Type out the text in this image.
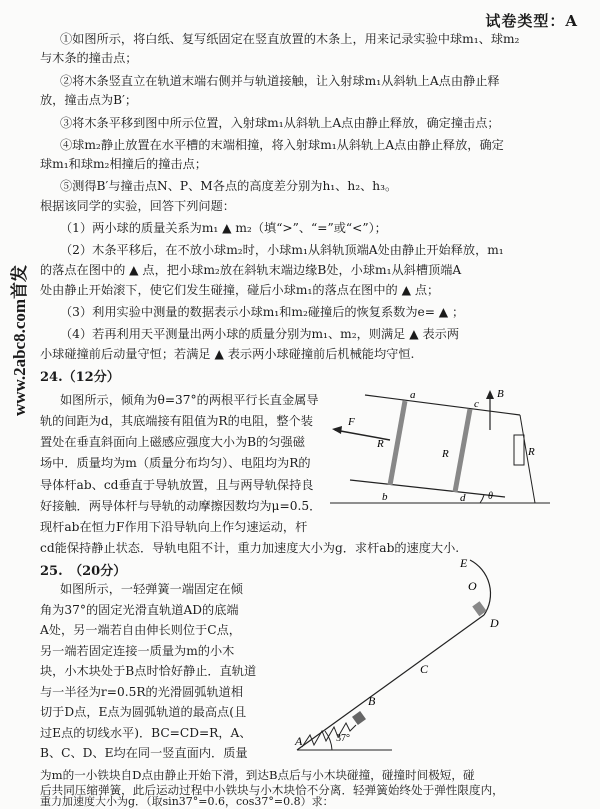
试卷类型：A
www.2abc8.com首发
①如图所示，将白纸、复写纸固定在竖直放置的木条上，用来记录实验中球m₁、球m₂
与木条的撞击点；
②将木条竖直立在轨道末端右侧并与轨道接触，让入射球m₁从斜轨上A点由静止释
放，撞击点为B′；
③将木条平移到图中所示位置，入射球m₁从斜轨上A点由静止释放，确定撞击点；
④球m₂静止放置在水平槽的末端相撞，将入射球m₁从斜轨上A点由静止释放，确定
球m₁和球m₂相撞后的撞击点；
⑤测得B′与撞击点N、P、M各点的高度差分别为h₁、h₂、h₃。
根据该同学的实验，回答下列问题：
（1）两小球的质量关系为m₁ ▲ m₂（填“>”、“=”或“<”）；
（2）木条平移后，在不放小球m₂时，小球m₁从斜轨顶端A处由静止开始释放，m₁
的落点在图中的 ▲ 点，把小球m₂放在斜轨末端边缘B处，小球m₁从斜槽顶端A
处由静止开始滚下，使它们发生碰撞，碰后小球m₁的落点在图中的 ▲ 点；
（3）利用实验中测量的数据表示小球m₁和m₂碰撞后的恢复系数为e= ▲ ；
（4）若再利用天平测量出两小球的质量分别为m₁、m₂，则满足 ▲ 表示两
小球碰撞前后动量守恒；若满足 ▲ 表示两小球碰撞前后机械能均守恒.
24.（12分）
如图所示，倾角为θ=37°的两根平行长直金属导
轨的间距为d，其底端接有阻值为R的电阻，整个装
置处在垂直斜面向上磁感应强度大小为B的匀强磁
场中．质量均为m（质量分布均匀）、电阻均为R的
导体杆ab、cd垂直于导轨放置，且与两导轨保持良
好接触．两导体杆与导轨的动摩擦因数均为μ=0.5．
现杆ab在恒力F作用下沿导轨向上作匀速运动，杆
cd能保持静止状态．导轨电阻不计，重力加速度大小为g．求杆ab的速度大小.
B
F
a
b
c
d
R
R	R
θ
25.　（20分）
如图所示，一轻弹簧一端固定在倾
角为37°的固定光滑直轨道AD的底端
A处，另一端若自由伸长则位于C点，
另一端若固定连接一质量为m的小木
块，小木块处于B点时恰好静止．直轨道
与一半径为r=0.5R的光滑圆弧轨道相
切于D点，E点为圆弧轨道的最高点(且
过E点的切线水平)．BC=CD=R，A、
B、C、D、E均在同一竖直面内．质量
为m的一小铁块自D点由静止开始下滑，到达B点后与小木块碰撞，碰撞时间极短，碰
后共同压缩弹簧，此后运动过程中小铁块与小木块恰不分离．轻弹簧始终处于弹性限度内，
A
B
C
D
E
O
37°
重力加速度大小为g．（取sin37°=0.6，cos37°=0.8）求：
